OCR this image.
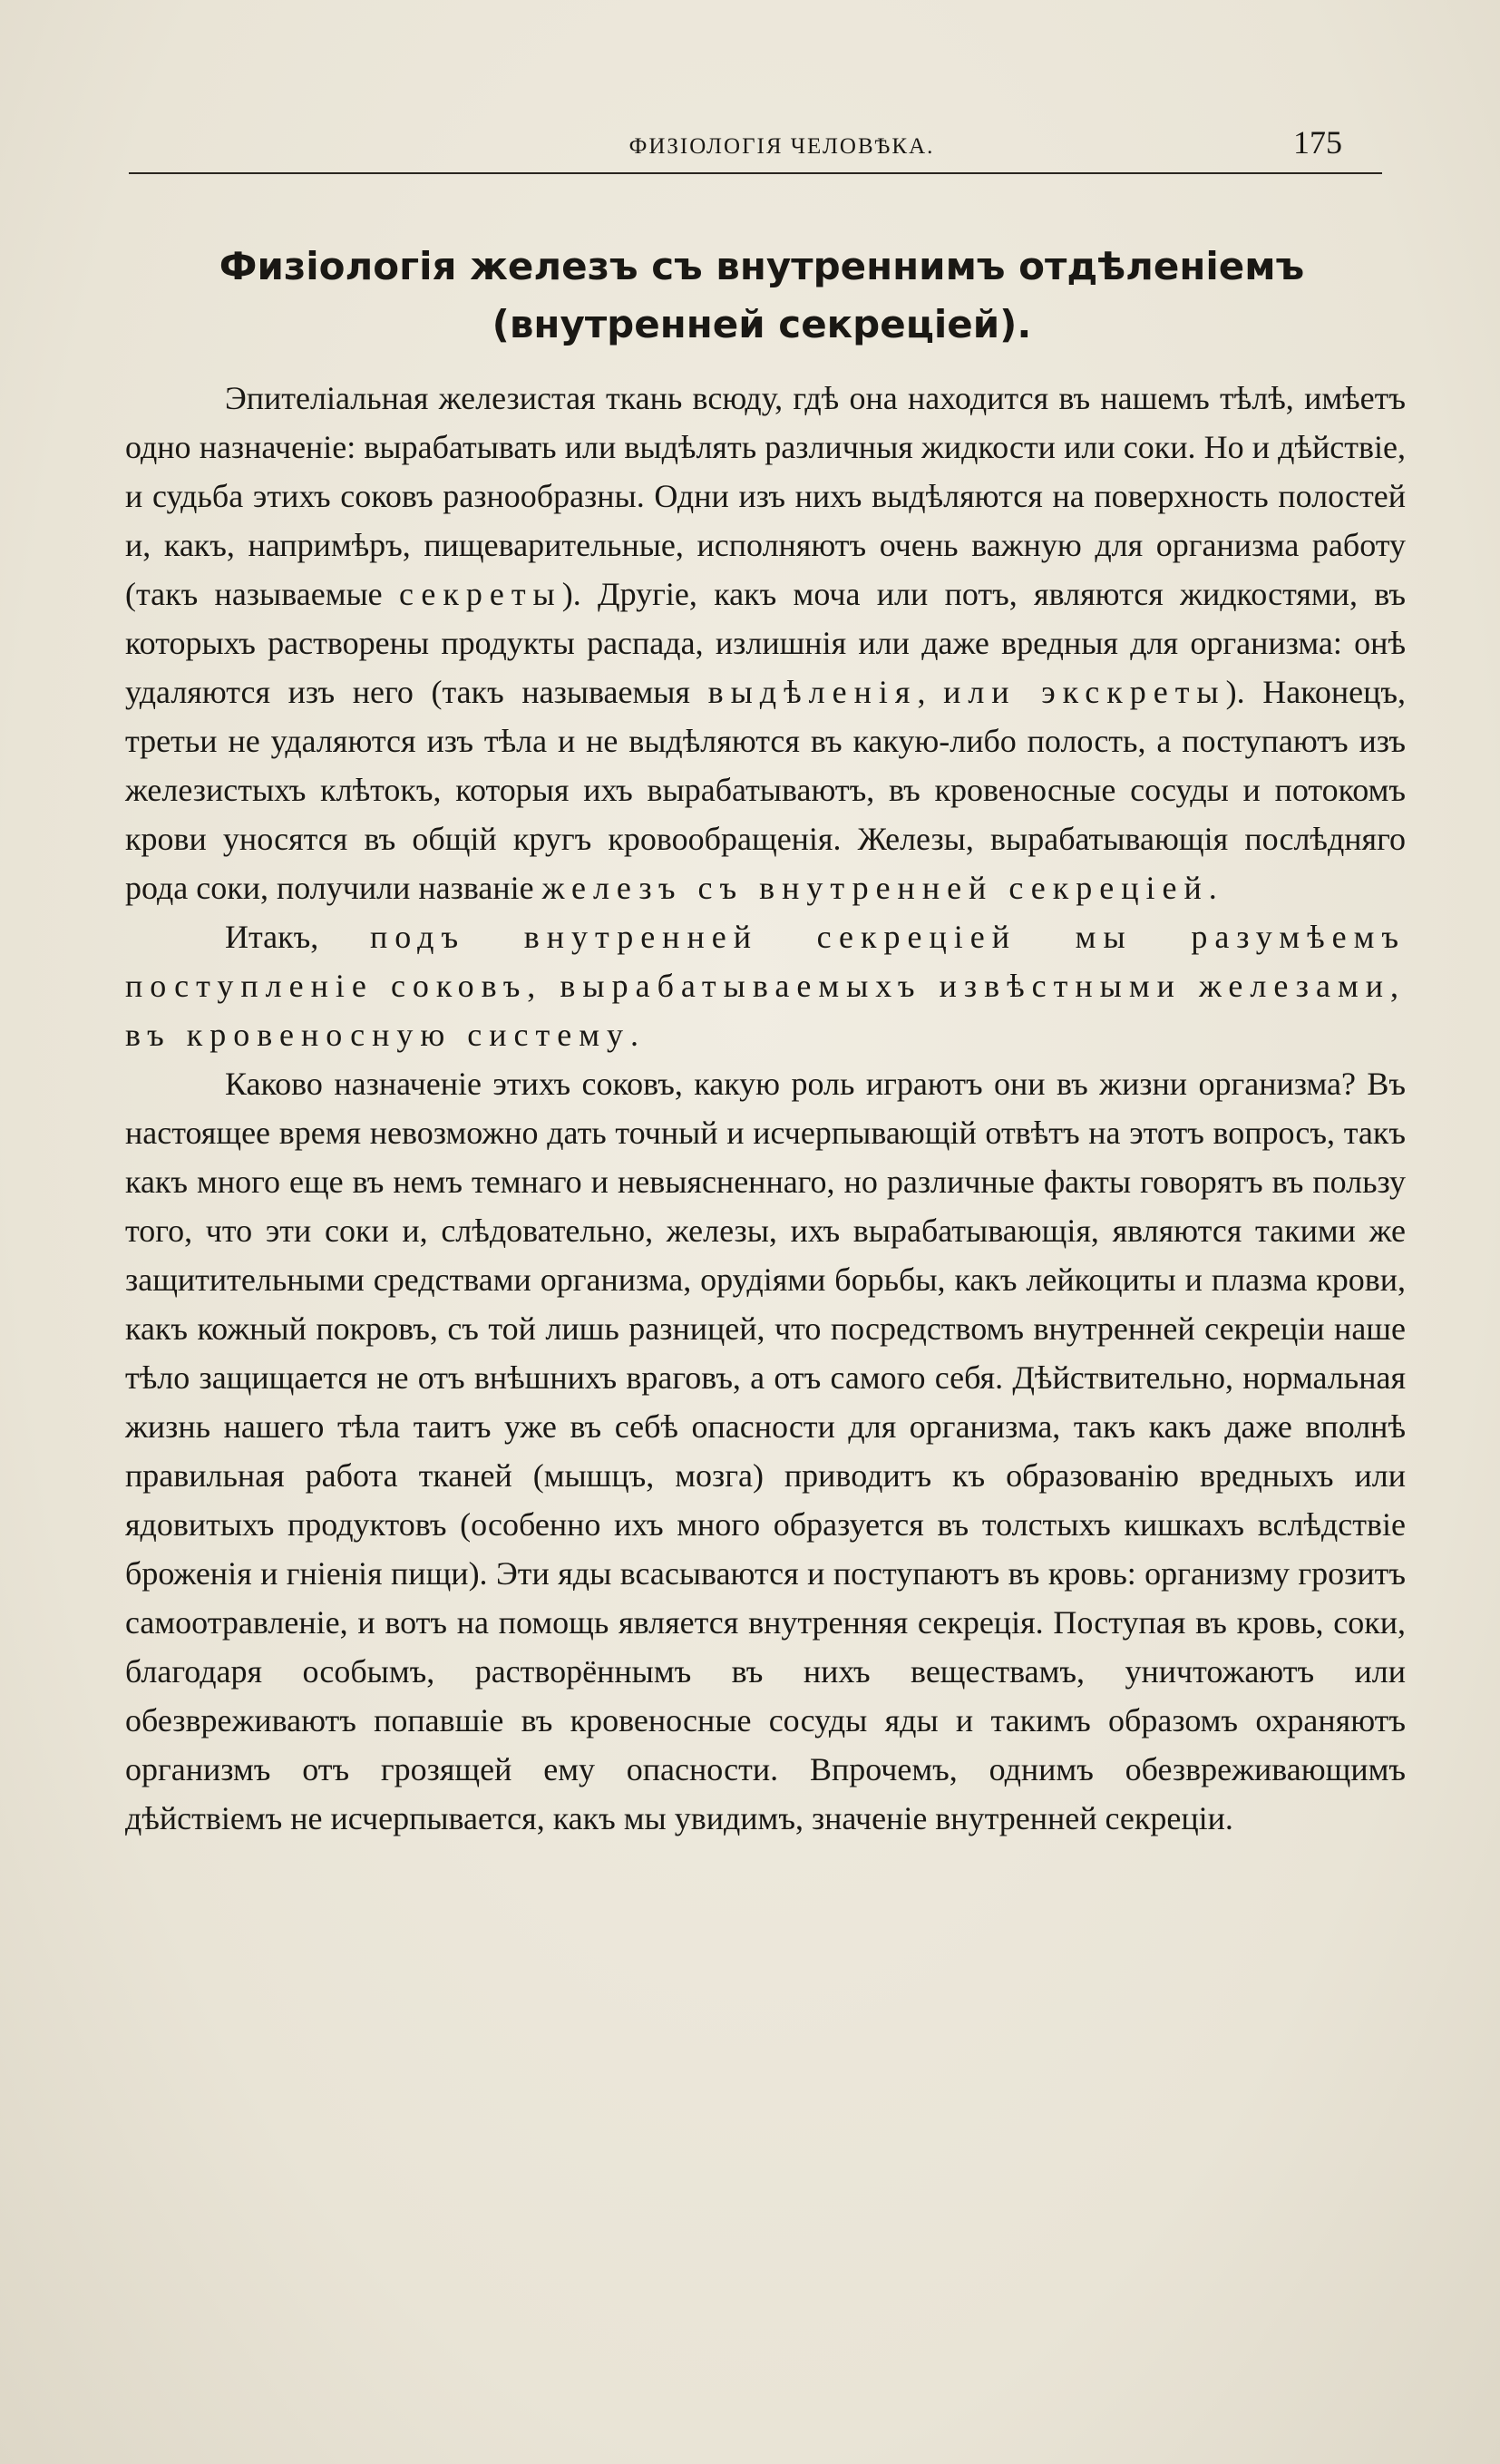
ФИЗІОЛОГІЯ ЧЕЛОВѢКА.	175
Физіологія железъ съ внутреннимъ отдѣленіемъ (внутренней секреціей).

Эпителіальная железистая ткань всюду, гдѣ она находится въ нашемъ тѣлѣ, имѣетъ одно назначеніе: вырабатывать или выдѣлять различныя жидкости или соки. Но и дѣйствіе, и судьба этихъ соковъ разнообразны. Одни изъ нихъ выдѣляются на поверхность полостей и, какъ, напримѣръ, пищеварительные, исполняютъ очень важную для организма работу (такъ называемые секреты). Другіе, какъ моча или потъ, являются жидкостями, въ которыхъ растворены продукты распада, излишнія или даже вредныя для организма: онѣ удаляются изъ него (такъ называемыя выдѣленія, или экскреты). Наконецъ, третьи не удаляются изъ тѣла и не выдѣляются въ какую-либо полость, а поступаютъ изъ железистыхъ клѣтокъ, которыя ихъ вырабатываютъ, въ кровеносные сосуды и потокомъ крови уносятся въ общій кругъ кровообращенія. Железы, вырабатывающія послѣдняго рода соки, получили названіе железъ съ внутренней секреціей.

Итакъ, подъ внутренней секреціей мы разумѣемъ поступленіе соковъ, вырабатываемыхъ извѣстными железами, въ кровеносную систему.

Каково назначеніе этихъ соковъ, какую роль играютъ они въ жизни организма? Въ настоящее время невозможно дать точный и исчерпывающій отвѣтъ на этотъ вопросъ, такъ какъ много еще въ немъ темнаго и невыясненнаго, но различные факты говорятъ въ пользу того, что эти соки и, слѣдовательно, железы, ихъ вырабатывающія, являются такими же защитительными средствами организма, орудіями борьбы, какъ лейкоциты и плазма крови, какъ кожный покровъ, съ той лишь разницей, что посредствомъ внутренней секреціи наше тѣло защищается не отъ внѣшнихъ враговъ, а отъ самого себя. Дѣйствительно, нормальная жизнь нашего тѣла таитъ уже въ себѣ опасности для организма, такъ какъ даже вполнѣ правильная работа тканей (мышцъ, мозга) приводитъ къ образованію вредныхъ или ядовитыхъ продуктовъ (особенно ихъ много образуется въ толстыхъ кишкахъ вслѣдствіе броженія и гніенія пищи). Эти яды всасываются и поступаютъ въ кровь: организму грозитъ самоотравленіе, и вотъ на помощь является внутренняя секреція. Поступая въ кровь, соки, благодаря особымъ, растворённымъ въ нихъ веществамъ, уничтожаютъ или обезвреживаютъ попавшіе въ кровеносные сосуды яды и такимъ образомъ охраняютъ организмъ отъ грозящей ему опасности. Впрочемъ, однимъ обезвреживающимъ дѣйствіемъ не исчерпывается, какъ мы увидимъ, значеніе внутренней секреціи.
